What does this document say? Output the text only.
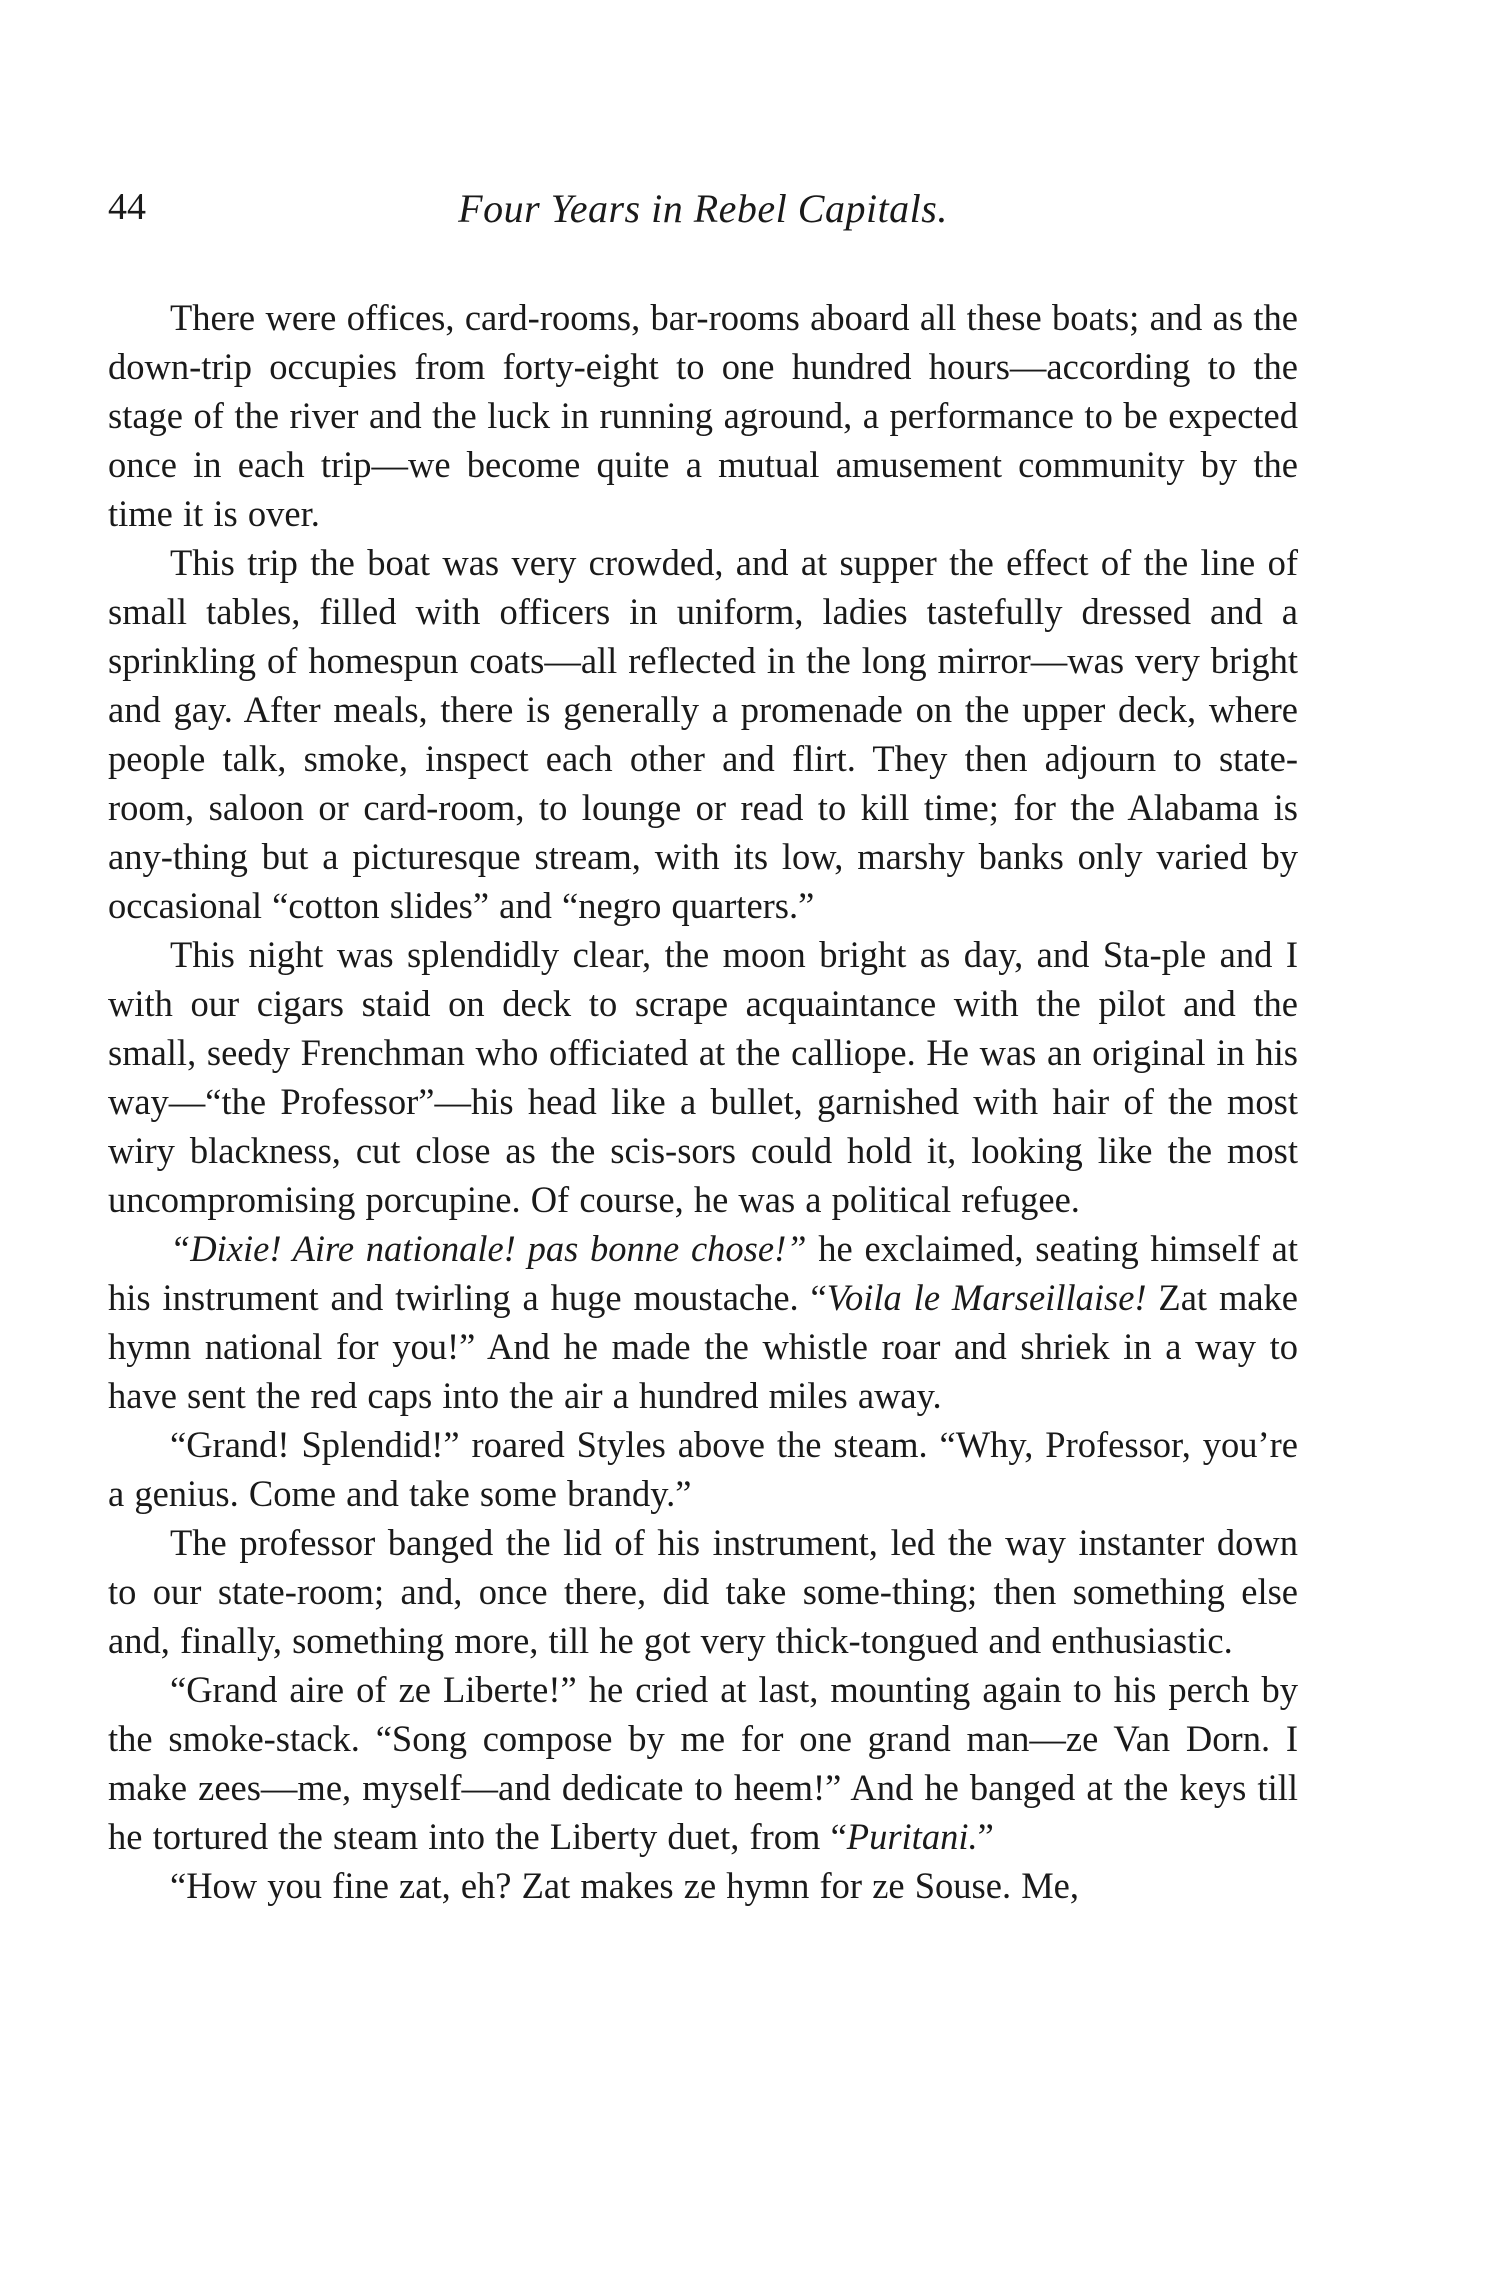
44	Four Years in Rebel Capitals.

There were offices, card-rooms, bar-rooms aboard all these boats; and as the down-trip occupies from forty-eight to one hundred hours—according to the stage of the river and the luck in running aground, a performance to be expected once in each trip—we become quite a mutual amusement community by the time it is over.

This trip the boat was very crowded, and at supper the effect of the line of small tables, filled with officers in uniform, ladies tastefully dressed and a sprinkling of homespun coats—all reflected in the long mirror—was very bright and gay. After meals, there is generally a promenade on the upper deck, where people talk, smoke, inspect each other and flirt. They then adjourn to state-room, saloon or card-room, to lounge or read to kill time; for the Alabama is any-thing but a picturesque stream, with its low, marshy banks only varied by occasional “cotton slides” and “negro quarters.”

This night was splendidly clear, the moon bright as day, and Sta-ple and I with our cigars staid on deck to scrape acquaintance with the pilot and the small, seedy Frenchman who officiated at the calliope. He was an original in his way—“the Professor”—his head like a bullet, garnished with hair of the most wiry blackness, cut close as the scis-sors could hold it, looking like the most uncompromising porcupine. Of course, he was a political refugee.

“Dixie! Aire nationale! pas bonne chose!” he exclaimed, seating himself at his instrument and twirling a huge moustache. “Voila le Marseillaise! Zat make hymn national for you!” And he made the whistle roar and shriek in a way to have sent the red caps into the air a hundred miles away.

“Grand! Splendid!” roared Styles above the steam. “Why, Professor, you’re a genius. Come and take some brandy.”

The professor banged the lid of his instrument, led the way instanter down to our state-room; and, once there, did take some-thing; then something else and, finally, something more, till he got very thick-tongued and enthusiastic.

“Grand aire of ze Liberte!” he cried at last, mounting again to his perch by the smoke-stack. “Song compose by me for one grand man—ze Van Dorn. I make zees—me, myself—and dedicate to heem!” And he banged at the keys till he tortured the steam into the Liberty duet, from “Puritani.”

“How you fine zat, eh? Zat makes ze hymn for ze Souse. Me,
